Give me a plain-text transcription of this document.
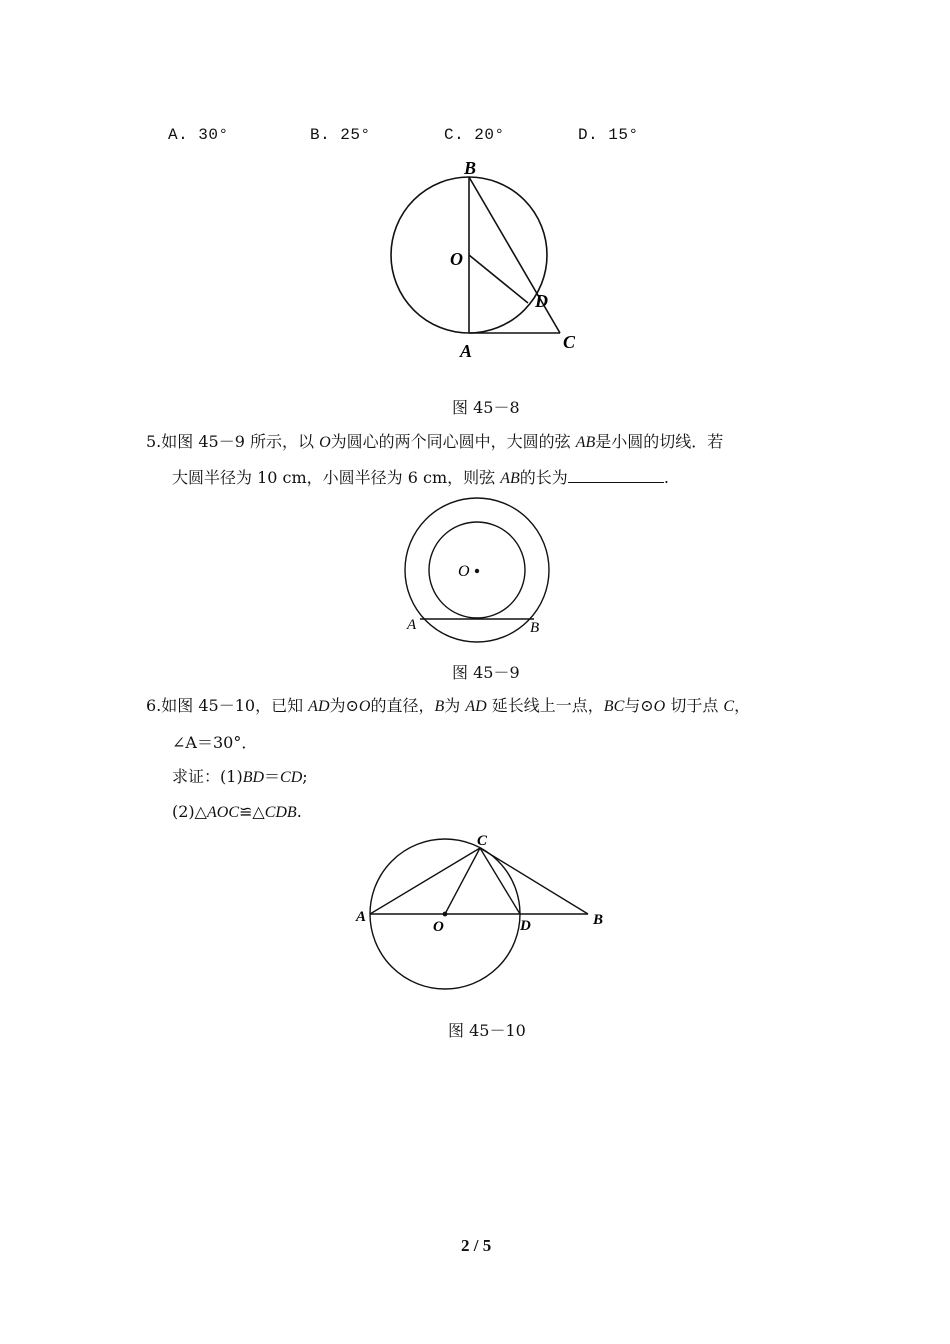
A. 30°	B. 25°	C. 20°	D. 15°
B
O
D
A	C
图 45－8
5.如图 45－9 所示，以 O为圆心的两个同心圆中，大圆的弦 AB是小圆的切线．若
大圆半径为 10 cm，小圆半径为 6 cm，则弦 AB的长为	.
O
A	B
图 45－9
6.如图 45－10，已知 AD为⊙O的直径，B为 AD 延长线上一点，BC与⊙O 切于点 C，
∠A＝30°．
求证：(1)BD＝CD;
(2)△AOC≌△CDB.
C
A
O	D	B
图 45－10
2 / 5
